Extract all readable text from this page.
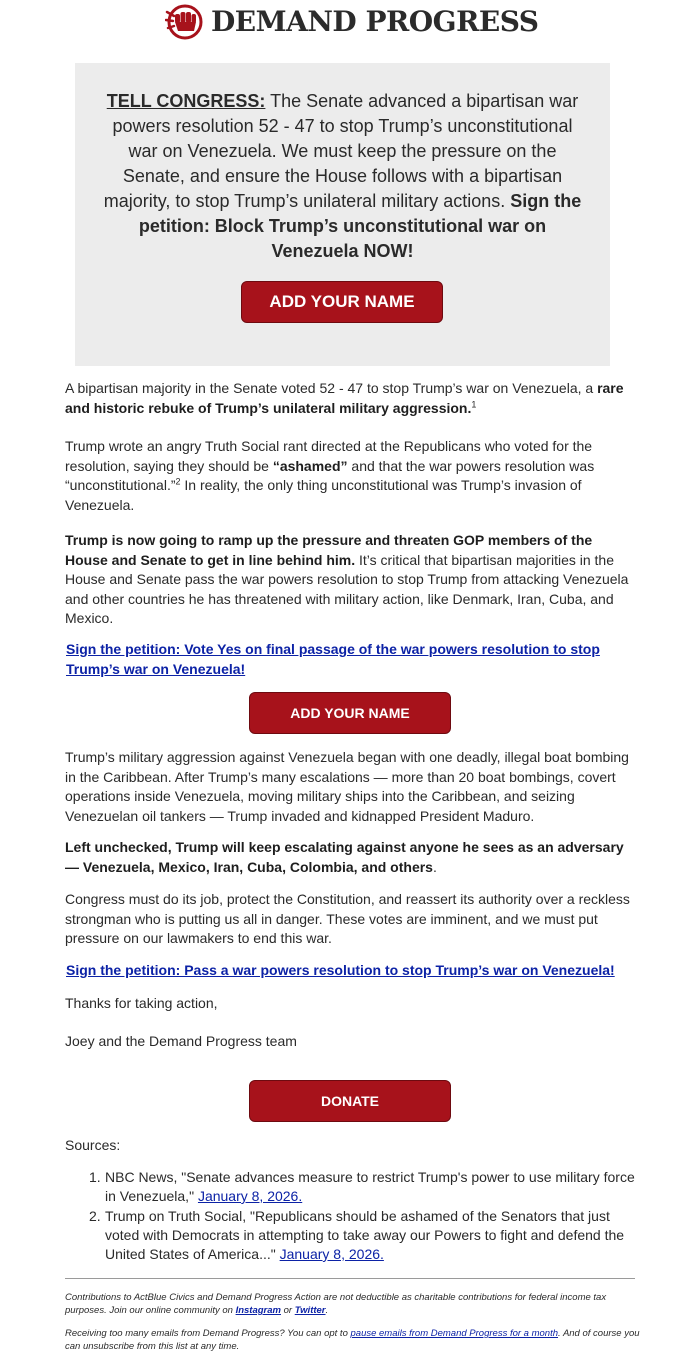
DEMAND PROGRESS

TELL CONGRESS: The Senate advanced a bipartisan war powers resolution 52 - 47 to stop Trump’s unconstitutional war on Venezuela. We must keep the pressure on the Senate, and ensure the House follows with a bipartisan majority, to stop Trump’s unilateral military actions. Sign the petition: Block Trump’s unconstitutional war on Venezuela NOW!

ADD YOUR NAME

A bipartisan majority in the Senate voted 52 - 47 to stop Trump’s war on Venezuela, a rare and historic rebuke of Trump’s unilateral military aggression.$^1$

Trump wrote an angry Truth Social rant directed at the Republicans who voted for the resolution, saying they should be “ashamed” and that the war powers resolution was “unconstitutional.”$^2$ In reality, the only thing unconstitutional was Trump’s invasion of Venezuela.

Trump is now going to ramp up the pressure and threaten GOP members of the House and Senate to get in line behind him. It’s critical that bipartisan majorities in the House and Senate pass the war powers resolution to stop Trump from attacking Venezuela and other countries he has threatened with military action, like Denmark, Iran, Cuba, and Mexico.

Sign the petition: Vote Yes on final passage of the war powers resolution to stop Trump’s war on Venezuela!
ADD YOUR NAME

Trump’s military aggression against Venezuela began with one deadly, illegal boat bombing in the Caribbean. After Trump’s many escalations — more than 20 boat bombings, covert operations inside Venezuela, moving military ships into the Caribbean, and seizing Venezuelan oil tankers — Trump invaded and kidnapped President Maduro.

Left unchecked, Trump will keep escalating against anyone he sees as an adversary — Venezuela, Mexico, Iran, Cuba, Colombia, and others.

Congress must do its job, protect the Constitution, and reassert its authority over a reckless strongman who is putting us all in danger. These votes are imminent, and we must put pressure on our lawmakers to end this war.

Sign the petition: Pass a war powers resolution to stop Trump’s war on Venezuela!

Thanks for taking action,

Joey and the Demand Progress team

DONATE

Sources:

1. NBC News, "Senate advances measure to restrict Trump's power to use military force in Venezuela," January 8, 2026.
2. Trump on Truth Social, "Republicans should be ashamed of the Senators that just voted with Democrats in attempting to take away our Powers to fight and defend the United States of America..." January 8, 2026.

Contributions to ActBlue Civics and Demand Progress Action are not deductible as charitable contributions for federal income tax purposes. Join our online community on Instagram or Twitter.

Receiving too many emails from Demand Progress? You can opt to pause emails from Demand Progress for a month. And of course you can unsubscribe from this list at any time.
